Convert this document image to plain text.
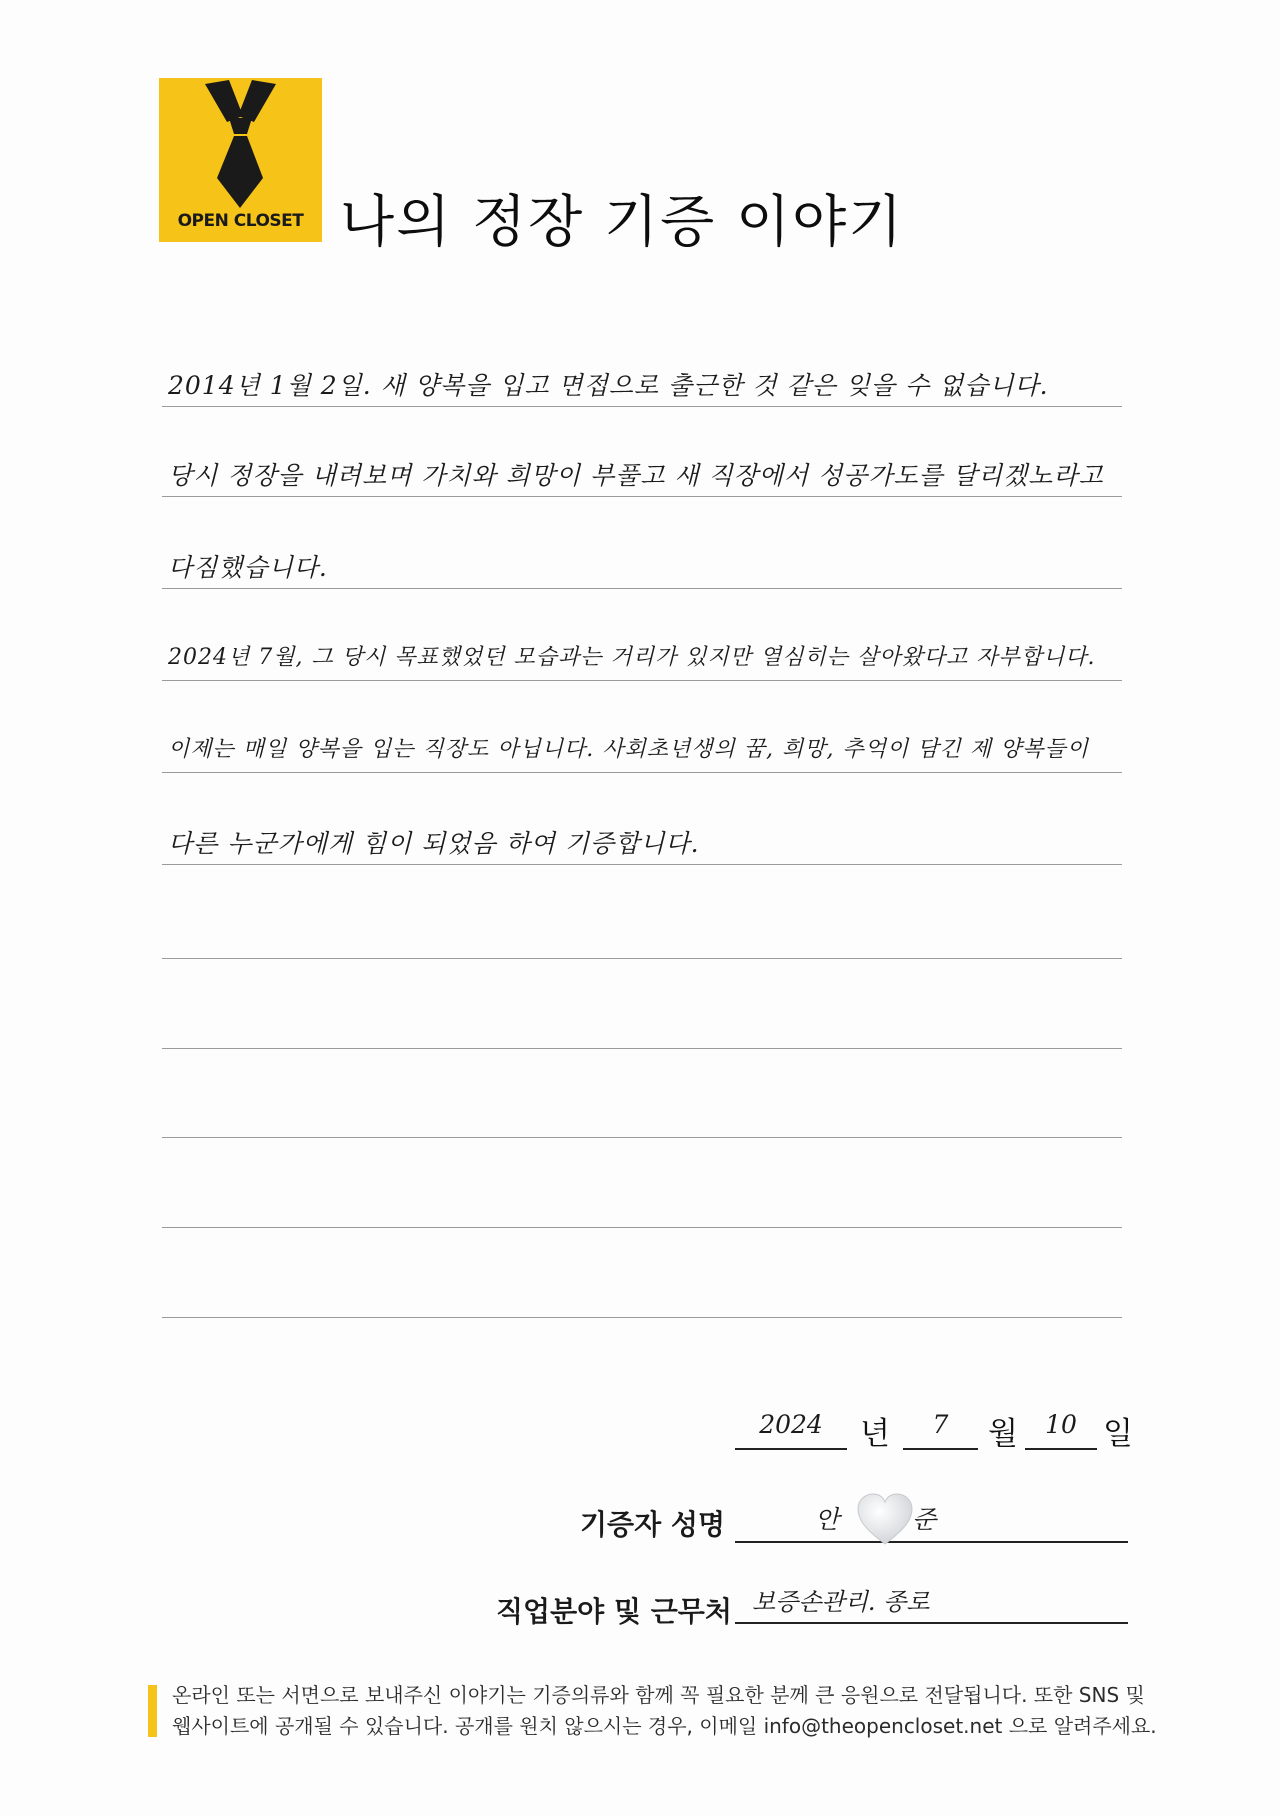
OPEN CLOSET 나의 정장 기증 이야기
2014년 1월 2일. 새 양복을 입고 면접으로 출근한 것 같은 잊을 수 없습니다.
당시 정장을 내려보며 가치와 희망이 부풀고 새 직장에서 성공가도를 달리겠노라고
다짐했습니다.
2024년 7월, 그 당시 목표했었던 모습과는 거리가 있지만 열심히는 살아왔다고 자부합니다.
이제는 매일 양복을 입는 직장도 아닙니다. 사회초년생의 꿈, 희망, 추억이 담긴 제 양복들이
다른 누군가에게 힘이 되었음 하여 기증합니다.
2024	년	7	월	10 일
기증자 성명	안	준
직업분야 및 근무처 보증손관리. 종로
온라인 또는 서면으로 보내주신 이야기는 기증의류와 함께 꼭 필요한 분께 큰 응원으로 전달됩니다. 또한 SNS 및
웹사이트에 공개될 수 있습니다. 공개를 원치 않으시는 경우, 이메일 info@theopencloset.net 으로 알려주세요.
